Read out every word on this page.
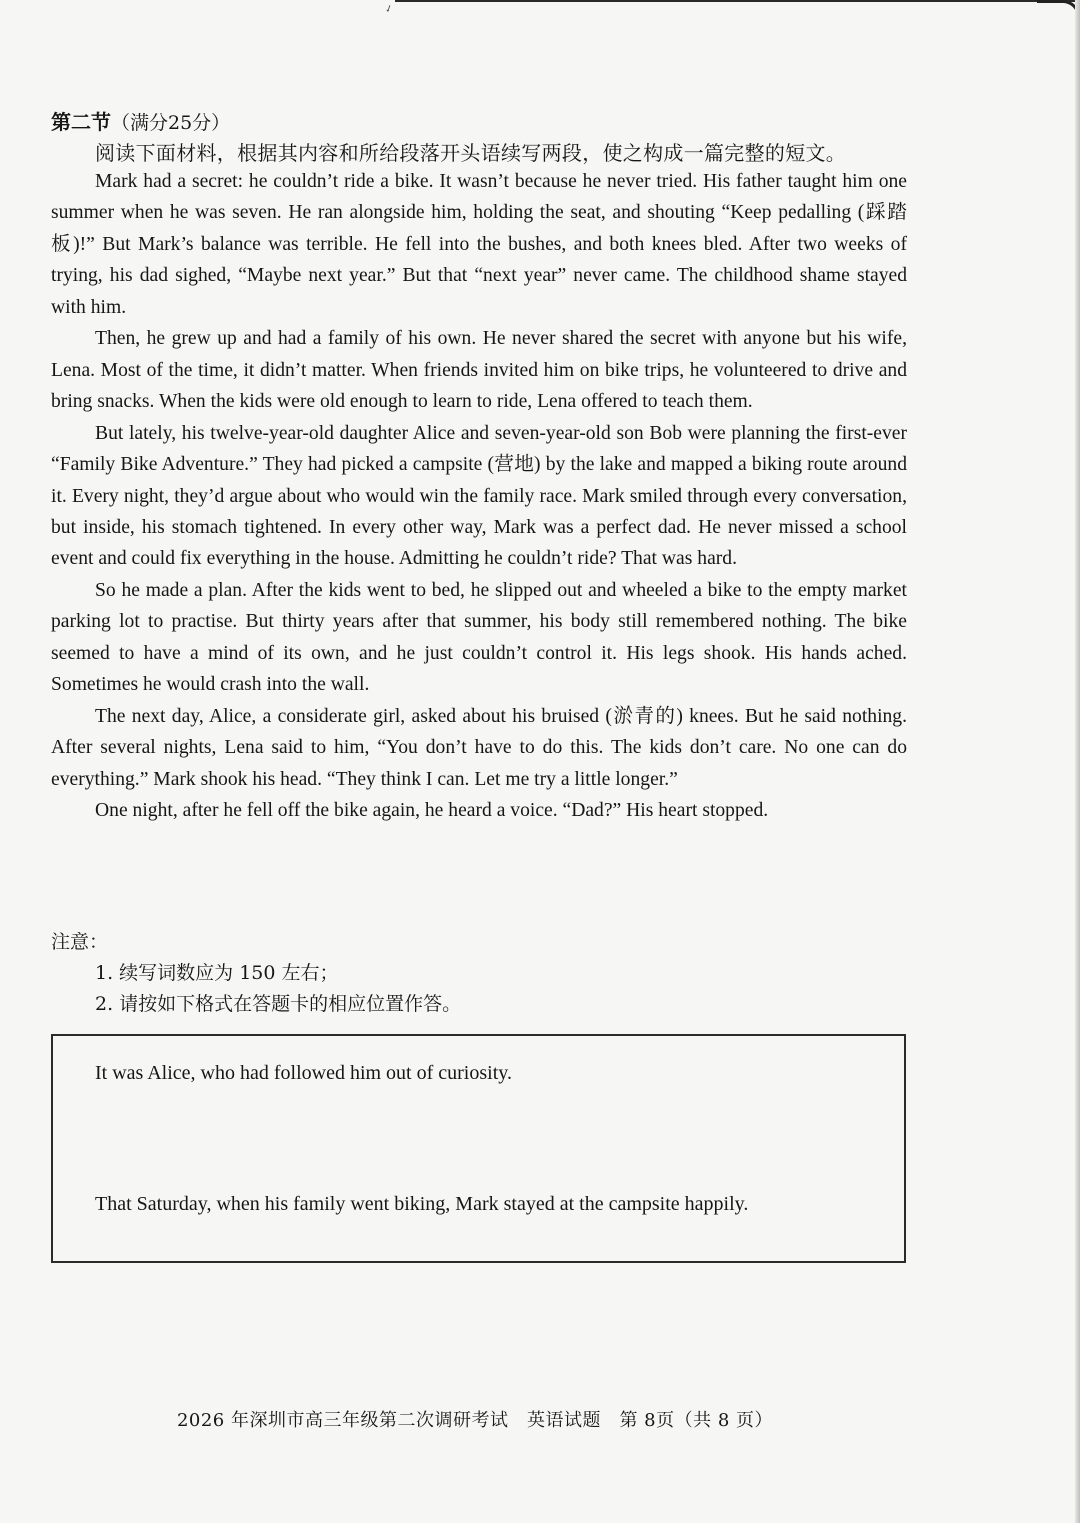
✓
第二节（满分25分）
阅读下面材料，根据其内容和所给段落开头语续写两段，使之构成一篇完整的短文。

Mark had a secret: he couldn’t ride a bike. It wasn’t because he never tried. His father taught him one summer when he was seven. He ran alongside him, holding the seat, and shouting “Keep pedalling (踩踏板)!” But Mark’s balance was terrible. He fell into the bushes, and both knees bled. After two weeks of trying, his dad sighed, “Maybe next year.” But that “next year” never came. The childhood shame stayed with him.

Then, he grew up and had a family of his own. He never shared the secret with anyone but his wife, Lena. Most of the time, it didn’t matter. When friends invited him on bike trips, he volunteered to drive and bring snacks. When the kids were old enough to learn to ride, Lena offered to teach them.

But lately, his twelve-year-old daughter Alice and seven-year-old son Bob were planning the first-ever “Family Bike Adventure.” They had picked a campsite (营地) by the lake and mapped a biking route around it. Every night, they’d argue about who would win the family race. Mark smiled through every conversation, but inside, his stomach tightened. In every other way, Mark was a perfect dad. He never missed a school event and could fix everything in the house. Admitting he couldn’t ride? That was hard.

So he made a plan. After the kids went to bed, he slipped out and wheeled a bike to the empty market parking lot to practise. But thirty years after that summer, his body still remembered nothing. The bike seemed to have a mind of its own, and he just couldn’t control it. His legs shook. His hands ached. Sometimes he would crash into the wall.

The next day, Alice, a considerate girl, asked about his bruised (淤青的) knees. But he said nothing. After several nights, Lena said to him, “You don’t have to do this. The kids don’t care. No one can do everything.” Mark shook his head. “They think I can. Let me try a little longer.”

One night, after he fell off the bike again, he heard a voice. “Dad?” His heart stopped.

注意：
1. 续写词数应为 150 左右；
2. 请按如下格式在答题卡的相应位置作答。
It was Alice, who had followed him out of curiosity.
That Saturday, when his family went biking, Mark stayed at the campsite happily.
2026 年深圳市高三年级第二次调研考试　英语试题　第 8页（共 8 页）
